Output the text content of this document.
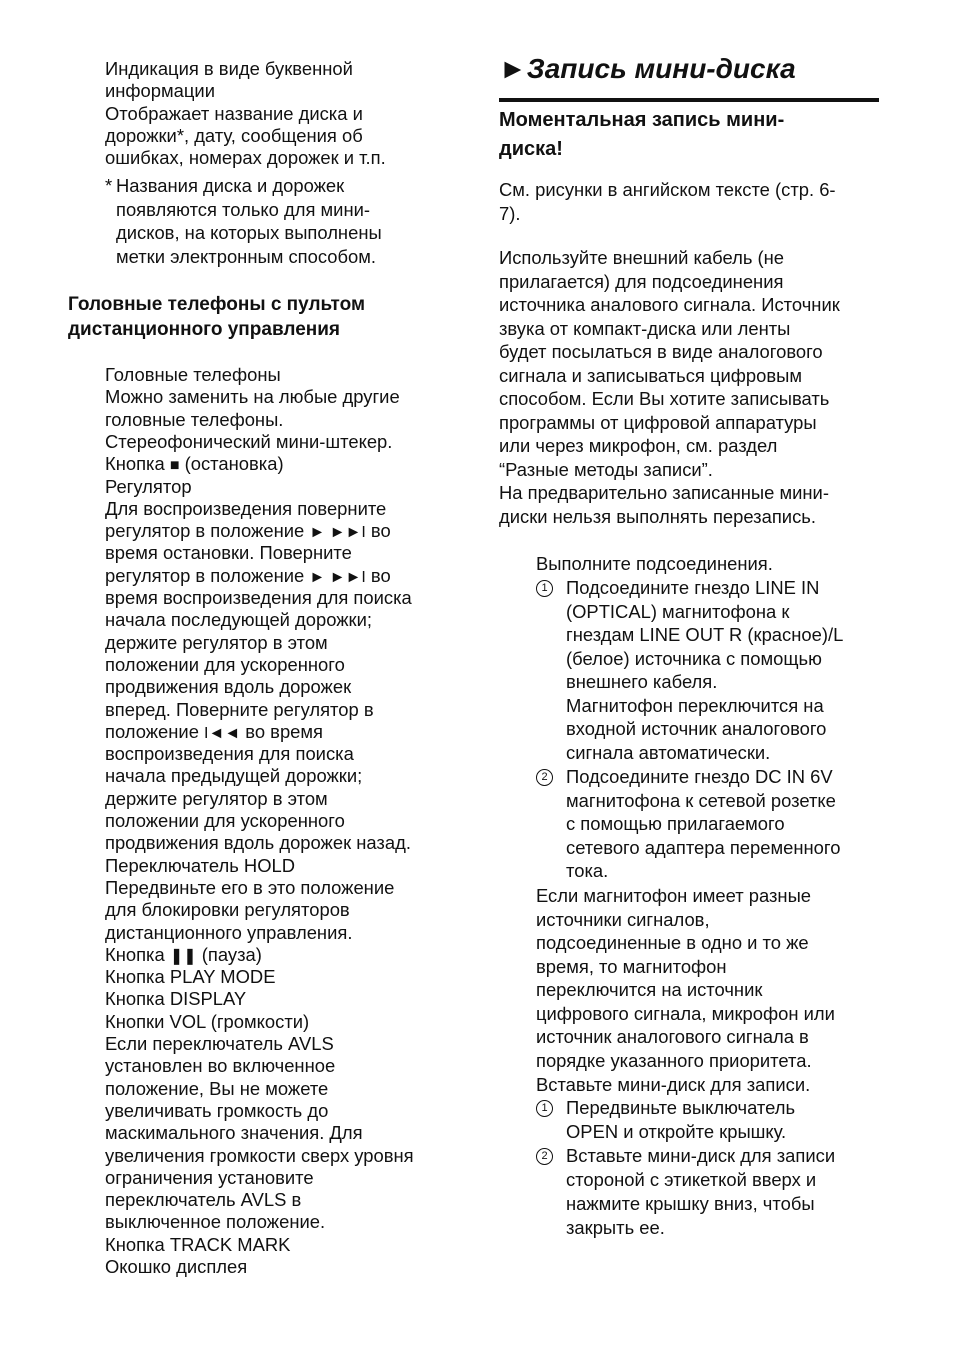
Индикация в виде буквенной
информации
Отображает название диска и
дорожки*, дату, сообщения об
ошибках, номерах дорожек и т.п.
* Названия диска и дорожек
появляются только для мини-
дисков, на которых выполнены
метки электронным способом.
Головные телефоны с пультом
дистанционного управления
Головные телефоны
Можно заменить на любые другие
головные телефоны.
Стереофонический мини-штекер.
Кнопка ■ (остановка)
Регулятор
Для воспроизведения поверните
регулятор в положение ► ►►I во
время остановки. Поверните
регулятор в положение ► ►►I во
время воспроизведения для поиска
начала последующей дорожки;
держите регулятор в этом
положении для ускоренного
продвижения вдоль дорожек
вперед. Поверните регулятор в
положение I◄◄ во время
воспроизведения для поиска
начала предыдущей дорожки;
держите регулятор в этом
положении для ускоренного
продвижения вдоль дорожек назад.
Переключатель HOLD
Передвиньте его в это положение
для блокировки регуляторов
дистанционного управления.
Кнопка ❚❚ (пауза)
Кнопка PLAY MODE
Кнопка DISPLAY
Кнопки VOL (громкости)
Если переключатель AVLS
установлен во включенное
положение, Вы не можете
увеличивать громкость до
маскимального значения. Для
увеличения громкости сверх уровня
ограничения установите
переключатель AVLS в
выключенное положение.
Кнопка TRACK MARK
Окошко дисплея
►Запись мини-диска
Моментальная запись мини-
диска!
См. рисунки в ангийском тексте (стр. 6-
7).
Используйте внешний кабель (не
прилагается) для подсоединения
источника аналового сигнала. Источник
звука от компакт-диска или ленты
будет посылаться в виде аналогового
сигнала и записываться цифровым
способом. Если Вы хотите записывать
программы от цифровой аппаратуры
или через микрофон, см. раздел
“Разные методы записи”.
На предварительно записанные мини-
диски нельзя выполнять перезапись.
Выполните подсоединения.
1 Подсоедините гнездо LINE IN
(OPTICAL) магнитофона к
гнездам LINE OUT R (красное)/L
(белое) источника с помощью
внешнего кабеля.
Магнитофон переключится на
входной источник аналогового
сигнала автоматически.
2 Подсоедините гнездо DC IN 6V
магнитофона к сетевой розетке
с помощью прилагаемого
сетевого адаптера переменного
тока.
Если магнитофон имеет разные
источники сигналов,
подсоединенные в одно и то же
время, то магнитофон
переключится на источник
цифрового сигнала, микрофон или
источник аналогового сигнала в
порядке указанного приоритета.
Вставьте мини-диск для записи.
1 Передвиньте выключатель
OPEN и откройте крышку.
2 Вставьте мини-диск для записи
стороной с этикеткой вверх и
нажмите крышку вниз, чтобы
закрыть ее.
